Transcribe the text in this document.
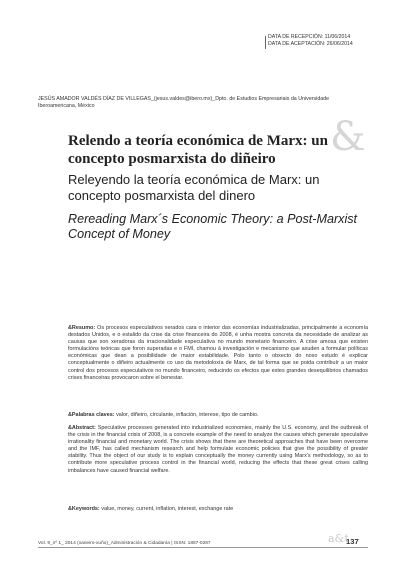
DATA DE RECEPCIÓN: 11/06/2014
DATA DE ACEPTACIÓN: 26/06/2014
JESÚS AMADOR VALDÉS DÍAZ DE VILLEGAS_(jesus.valdes@ibero.mx)_Dpto. de Estudios Empresariais da Universidade Iberoamericana, México
&
Relendo a teoría económica de Marx: un concepto posmarxista do diñeiro
Releyendo la teoría económica de Marx: un concepto posmarxista del dinero
Rereading Marx´s Economic Theory: a Post-Marxist Concept of Money
&Resumo: Os procesos especulativos xerados cara o interior das economías industrializadas, principalmente a economía destados Unidos, e o estalido da crise da crise financeira do 2008, é unha mostra concreta da necesidade de analizar as causas que son xeradoras da irracionalidade especulativa no mundo monetario financeiro. A crise amosa que existen formulacións teóricas que foron superadas e o FMI, chamou á investigación e mecanismo que axuden a formular políticas económicas que dean a posibilidade de maior estabilidade. Polo tanto o obxecto do noso estudo é explicar conceptualmente o diñeiro actualmente co uso da metodoloxía de Marx, de tal forma que se poida contribuír a un maior control dos procesos especulativos no mundo financeiro, reducindo os efectos que estes grandes desequilibrios chamados crises financeiras provocaron sobre el benestar.
&Palabras claves: valor, diñeiro, circulante, inflación, interese, tipo de cambio.
&Abstract: Speculative processes generated into industrialized economies, mainly the U.S. economy, and the outbreak of the crisis in the financial crisis of 2008, is a concrete example of the need to analyze the causes which generate speculative irrationality financial and monetary world. The crisis shows that there are theoretical approaches that have been overcome and the IMF, has called mechanism research and help formulate economic policies that give the possibility of greater stability. Thus the object of our study is to explain conceptually the money currently using Marx's methodology, so as to contribute more speculative process control in the financial world, reducing the effects that these great crises calling imbalances have caused financial welfare.
&Keywords: value, money, current, inflation, interest, exchange rate
Vol. 9_nº 1_ 2014 (xaneiro-xuño)_Administración & Cidadanía | ISSN: 1887-0287	a&t
137
